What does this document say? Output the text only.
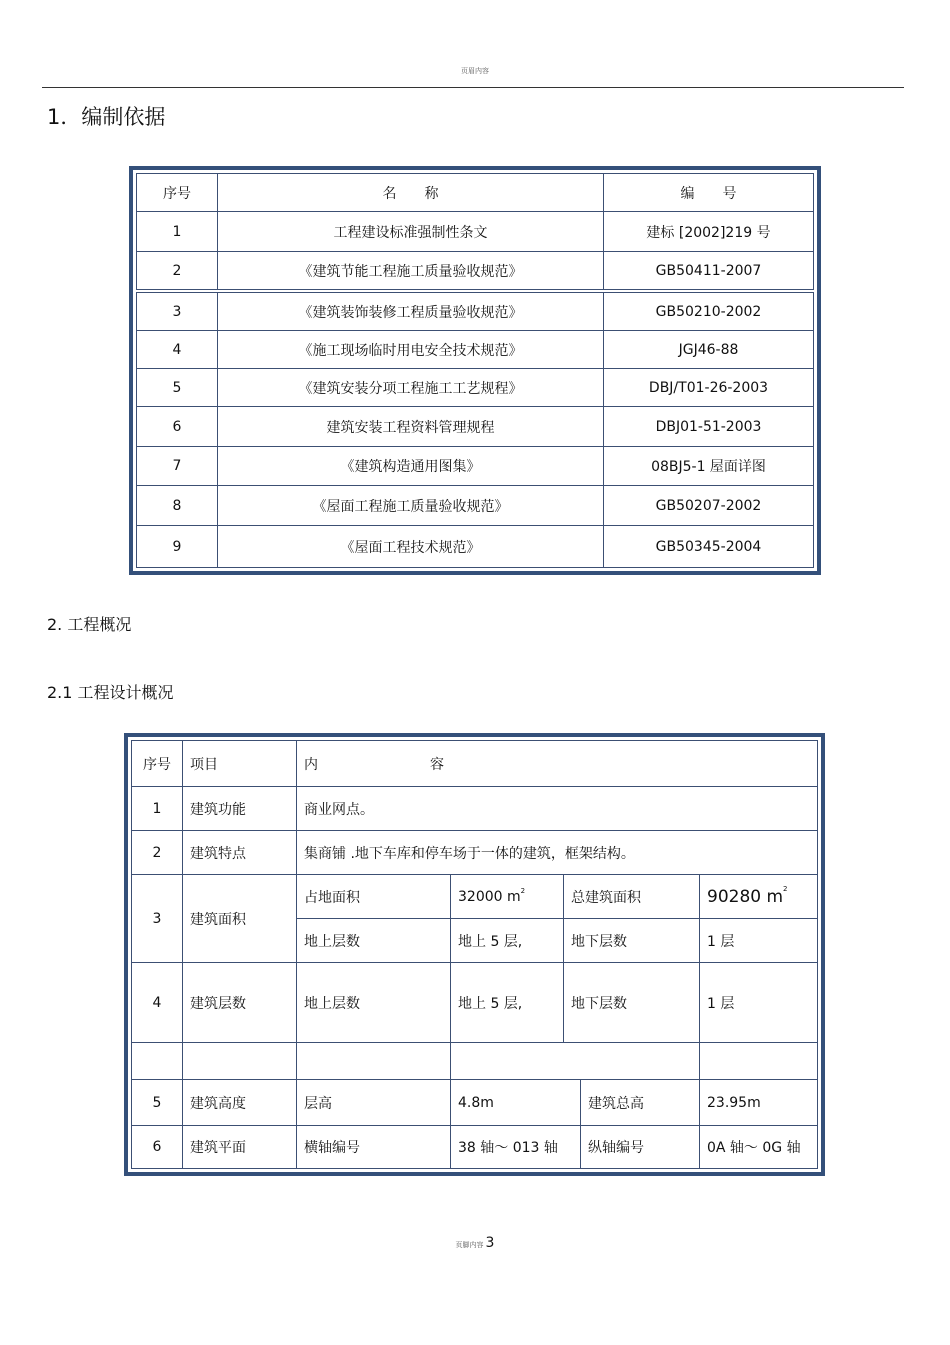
页眉内容
1．编制依据
序号	名　　称	编　　号
1	工程建设标准强制性条文	建标 [2002]219 号
2	《建筑节能工程施工质量验收规范》	GB50411-2007

3	《建筑装饰装修工程质量验收规范》	GB50210-2002
4	《施工现场临时用电安全技术规范》	JGJ46-88
5	《建筑安装分项工程施工工艺规程》	DBJ/T01-26-2003
6	建筑安装工程资料管理规程	DBJ01-51-2003
7	《建筑构造通用图集》	08BJ5-1 屋面详图
8	《屋面工程施工质量验收规范》	GB50207-2002
9	《屋面工程技术规范》	GB50345-2004
2. 工程概况
2.1 工程设计概况
序号	项目	内　　　　　　　　容				
1	建筑功能	商业网点。				
2	建筑特点	集商铺 .地下车库和停车场于一体的建筑，框架结构。				
3	建筑面积	占地面积	32000 $m^2$	总建筑面积		90280 $m^2$
		地上层数	地上 5 层,	地下层数		1 层
4	建筑层数	地上层数	地上 5 层,	地下层数		1 层

5	建筑高度	层高	4.8m		建筑总高	23.95m
6	建筑平面	横轴编号	38 轴～ 013 轴		纵轴编号	0A 轴～ 0G 轴
页脚内容 3
